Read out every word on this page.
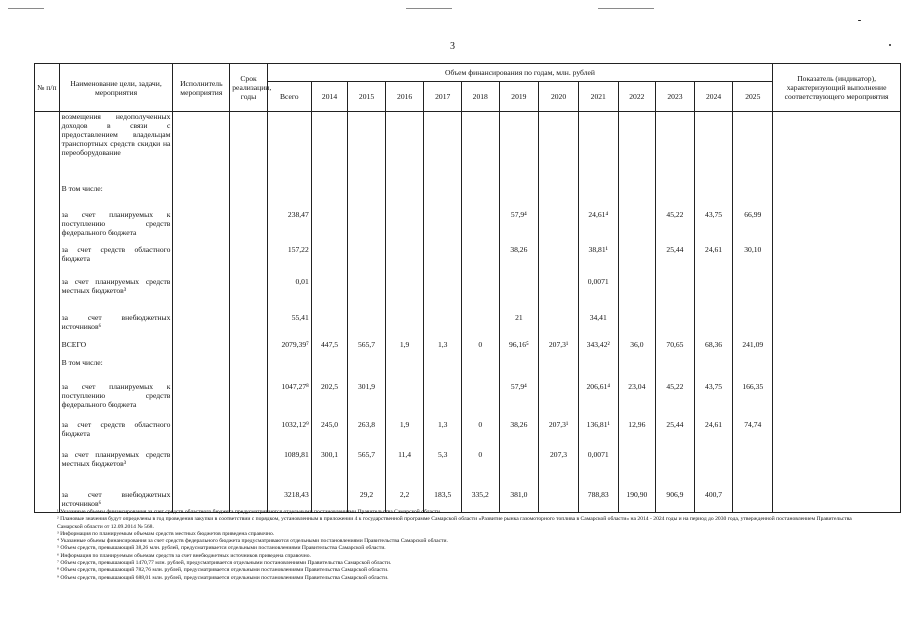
3
№ п/п	Наименование цели, задачи, мероприятия	Исполнитель мероприятия	Срок реализации, годы	Объем финансирования по годам, млн. рублей													Показатель (индикатор), характеризующий выполнение соответствующего мероприятия
				Всего	2014	2015	2016	2017	2018	2019	2020	2021	2022	2023	2024	2025	
	возмещения недополученных доходов в связи с предоставлением владельцам транспортных средств скидки на переоборудование																
	В том числе:																
	за счет планируемых к поступлению средств федерального бюджета			238,47						57,9⁴		24,61⁴		45,22	43,75	66,99	
	за счет средств областного бюджета			157,22						38,26		38,81¹		25,44	24,61	30,10	
	за счет планируемых средств местных бюджетов³			0,01								0,0071					
	за счет внебюджетных источников⁶			55,41						21		34,41					
	ВСЕГО			2079,39⁷	447,5	565,7	1,9	1,3	0	96,16⁵	207,3¹	343,42²	36,0	70,65	68,36	241,09	
	В том числе:																
	за счет планируемых к поступлению средств федерального бюджета			1047,27⁸	202,5	301,9				57,9⁴		206,61⁴	23,04	45,22	43,75	166,35	
	за счет средств областного бюджета			1032,12⁹	245,0	263,8	1,9	1,3	0	38,26	207,3¹	136,81¹	12,96	25,44	24,61	74,74	
	за счет планируемых средств местных бюджетов³			1089,81	300,1	565,7	11,4	5,3	0		207,3	0,0071					
	за счет внебюджетных источников⁶			3218,43		29,2	2,2	183,5	335,2	381,0		788,83	190,90	906,9	400,7		
¹ Указанные объемы финансирования за счет средств областного бюджета предусматриваются отдельными постановлениями Правительства Самарской области.
² Плановые значения будут определены в год проведения закупки в соответствии с порядком, установленным в приложении 4 к государственной программе Самарской области «Развитие рынка газомоторного топлива в Самарской области» на 2014 - 2024 годы и на период до 2030 года, утвержденной постановлением Правительства Самарской области от 12.09.2014 № 568.
³ Информация по планируемым объемам средств местных бюджетов приведена справочно.
⁴ Указанные объемы финансирования за счет средств федерального бюджета предусматриваются отдельными постановлениями Правительства Самарской области.
⁵ Объем средств, превышающий 38,26 млн. рублей, предусматривается отдельными постановлениями Правительства Самарской области.
⁶ Информация по планируемым объемам средств за счет внебюджетных источников приведена справочно.
⁷ Объем средств, превышающий 1470,77 млн. рублей, предусматривается отдельными постановлениями Правительства Самарской области.
⁸ Объем средств, превышающий 782,76 млн. рублей, предусматривается отдельными постановлениями Правительства Самарской области.
⁹ Объем средств, превышающий 688,01 млн. рублей, предусматривается отдельными постановлениями Правительства Самарской области.
